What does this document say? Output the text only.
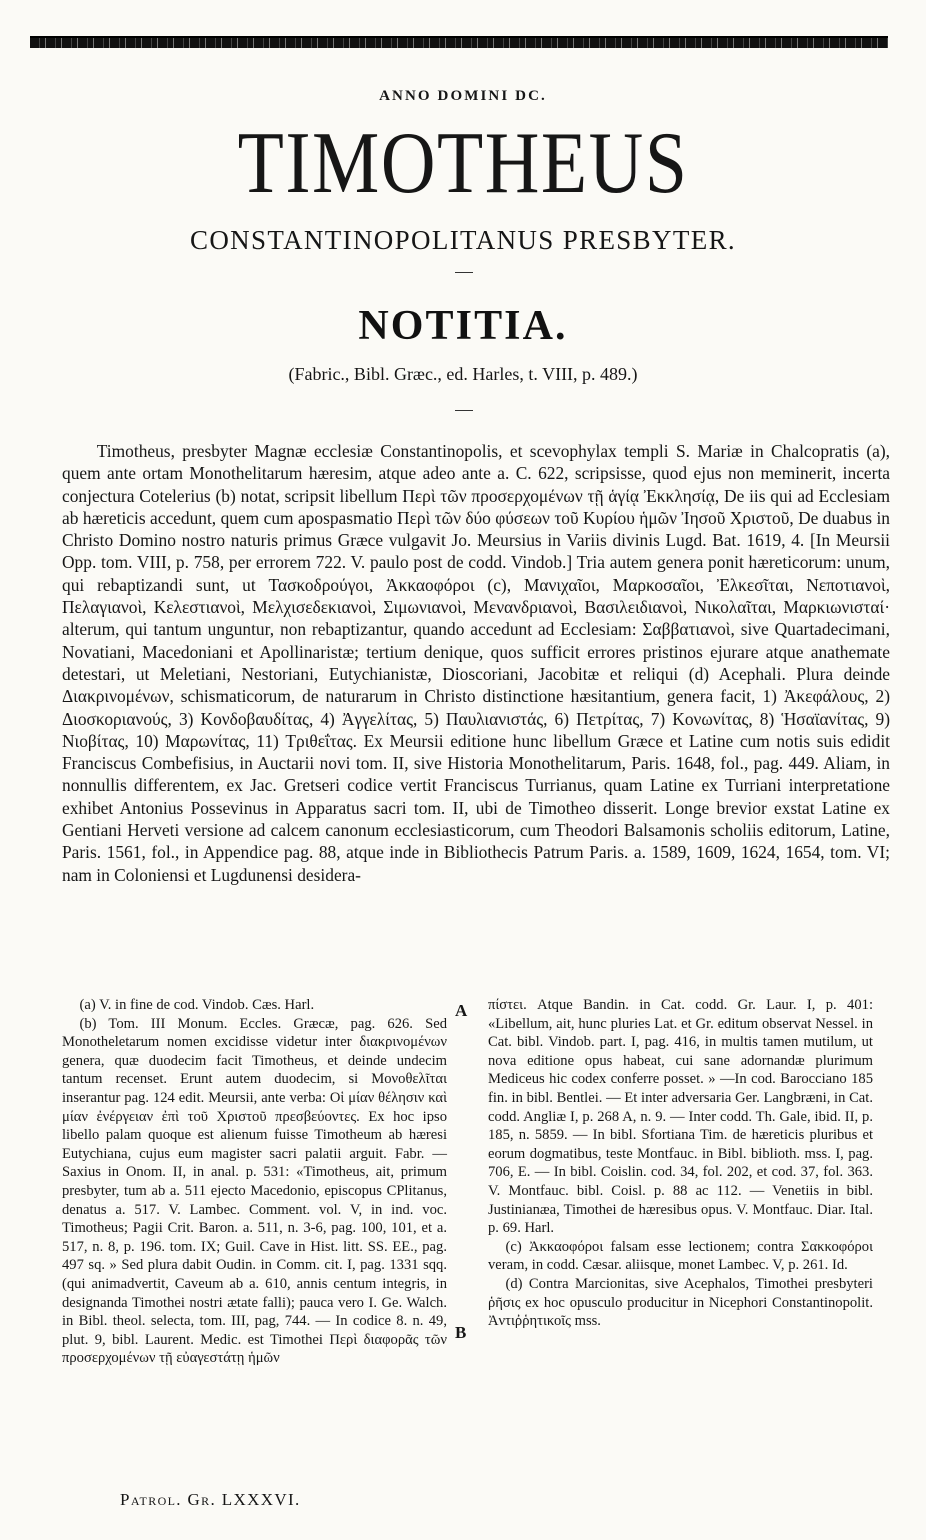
ANNO DOMINI DC.
TIMOTHEUS
CONSTANTINOPOLITANUS PRESBYTER.
NOTITIA.
(Fabric., Bibl. Græc., ed. Harles, t. VIII, p. 489.)

Timotheus, presbyter Magnæ ecclesiæ Constantinopolis, et scevophylax templi S. Mariæ in Chalcopratis (a), quem ante ortam Monothelitarum hæresim, atque adeo ante a. C. 622, scripsisse, quod ejus non meminerit, incerta conjectura Cotelerius (b) notat, scripsit libellum Περὶ τῶν προσερχομένων τῇ ἁγίᾳ Ἐκκλησίᾳ, De iis qui ad Ecclesiam ab hæreticis accedunt, quem cum apospasmatio Περὶ τῶν δύο φύσεων τοῦ Κυρίου ἡμῶν Ἰησοῦ Χριστοῦ, De duabus in Christo Domino nostro naturis primus Græce vulgavit Jo. Meursius in Variis divinis Lugd. Bat. 1619, 4. [In Meursii Opp. tom. VIII, p. 758, per errorem 722. V. paulo post de codd. Vindob.] Tria autem genera ponit hæreticorum: unum, qui rebaptizandi sunt, ut Τασκοδρούγοι, Ἀκκαοφόροι (c), Μανιχαῖοι, Μαρκοσαῖοι, Ἐλκεσῖται, Νεποτιανοὶ, Πελαγιανοὶ, Κελεστιανοὶ, Μελχισεδεκιανοὶ, Σιμωνιανοὶ, Μενανδριανοὶ, Βασιλειδιανοὶ, Νικολαῖται, Μαρκιωνισταί· alterum, qui tantum unguntur, non rebaptizantur, quando accedunt ad Ecclesiam: Σαββατιανοὶ, sive Quartadecimani, Novatiani, Macedoniani et Apollinaristæ; tertium denique, quos sufficit errores pristinos ejurare atque anathemate detestari, ut Meletiani, Nestoriani, Eutychianistæ, Dioscoriani, Jacobitæ et reliqui (d) Acephali. Plura deinde Διακρινομένων, schismaticorum, de naturarum in Christo distinctione hæsitantium, genera facit, 1) Ἀκεφάλους, 2) Διοσκοριανούς, 3) Κονδοβαυδίτας, 4) Ἀγγελίτας, 5) Παυλιανιστάς, 6) Πετρίτας, 7) Κονωνίτας, 8) Ἡσαϊανίτας, 9) Νιοβίτας, 10) Μαρωνίτας, 11) Τριθεΐτας. Ex Meursii editione hunc libellum Græce et Latine cum notis suis edidit Franciscus Combefisius, in Auctarii novi tom. II, sive Historia Monothelitarum, Paris. 1648, fol., pag. 449. Aliam, in nonnullis differentem, ex Jac. Gretseri codice vertit Franciscus Turrianus, quam Latine ex Turriani interpretatione exhibet Antonius Possevinus in Apparatus sacri tom. II, ubi de Timotheo disserit. Longe brevior exstat Latine ex Gentiani Herveti versione ad calcem canonum ecclesiasticorum, cum Theodori Balsamonis scholiis editorum, Latine, Paris. 1561, fol., in Appendice pag. 88, atque inde in Bibliothecis Patrum Paris. a. 1589, 1609, 1624, 1654, tom. VI; nam in Coloniensi et Lugdunensi desidera-

(a) V. in fine de cod. Vindob. Cæs. Harl.

(b) Tom. III Monum. Eccles. Græcæ, pag. 626. Sed Monotheletarum nomen excidisse videtur inter διακρινομένων genera, quæ duodecim facit Timotheus, et deinde undecim tantum recenset. Erunt autem duodecim, si Μονοθελῖται inserantur pag. 124 edit. Meursii, ante verba: Οἱ μίαν θέλησιν καὶ μίαν ἐνέργειαν ἐπὶ τοῦ Χριστοῦ πρεσβεύοντες. Ex hoc ipso libello palam quoque est alienum fuisse Timotheum ab hæresi Eutychiana, cujus eum magister sacri palatii arguit. Fabr. — Saxius in Onom. II, in anal. p. 531: «Timotheus, ait, primum presbyter, tum ab a. 511 ejecto Macedonio, episcopus CPlitanus, denatus a. 517. V. Lambec. Comment. vol. V, in ind. voc. Timotheus; Pagii Crit. Baron. a. 511, n. 3-6, pag. 100, 101, et a. 517, n. 8, p. 196. tom. IX; Guil. Cave in Hist. litt. SS. EE., pag. 497 sq. » Sed plura dabit Oudin. in Comm. cit. I, pag. 1331 sqq. (qui animadvertit, Caveum ab a. 610, annis centum integris, in designanda Timothei nostri ætate falli); pauca vero I. Ge. Walch. in Bibl. theol. selecta, tom. III, pag, 744. — In codice 8. n. 49, plut. 9, bibl. Laurent. Medic. est Timothei Περὶ διαφορᾶς τῶν προσερχομένων τῇ εὐαγεστάτῃ ἡμῶν

πίστει. Atque Bandin. in Cat. codd. Gr. Laur. I, p. 401: «Libellum, ait, hunc pluries Lat. et Gr. editum observat Nessel. in Cat. bibl. Vindob. part. I, pag. 416, in multis tamen mutilum, ut nova editione opus habeat, cui sane adornandæ plurimum Mediceus hic codex conferre posset. » —In cod. Barocciano 185 fin. in bibl. Bentlei. — Et inter adversaria Ger. Langbræni, in Cat. codd. Angliæ I, p. 268 A, n. 9. — Inter codd. Th. Gale, ibid. II, p. 185, n. 5859. — In bibl. Sfortiana Tim. de hæreticis pluribus et eorum dogmatibus, teste Montfauc. in Bibl. biblioth. mss. I, pag. 706, E. — In bibl. Coislin. cod. 34, fol. 202, et cod. 37, fol. 363. V. Montfauc. bibl. Coisl. p. 88 ac 112. — Venetiis in bibl. Justinianæa, Timothei de hæresibus opus. V. Montfauc. Diar. Ital. p. 69. Harl.

(c) Ἀκκαοφόροι falsam esse lectionem; contra Σακκοφόροι veram, in codd. Cæsar. aliisque, monet Lambec. V, p. 261. Id.

(d) Contra Marcionitas, sive Acephalos, Timothei presbyteri ῥῆσις ex hoc opusculo producitur in Nicephori Constantinopolit. Ἀντιῤῥητικοῖς mss.

A
B
Patrol. Gr. LXXXVI.
